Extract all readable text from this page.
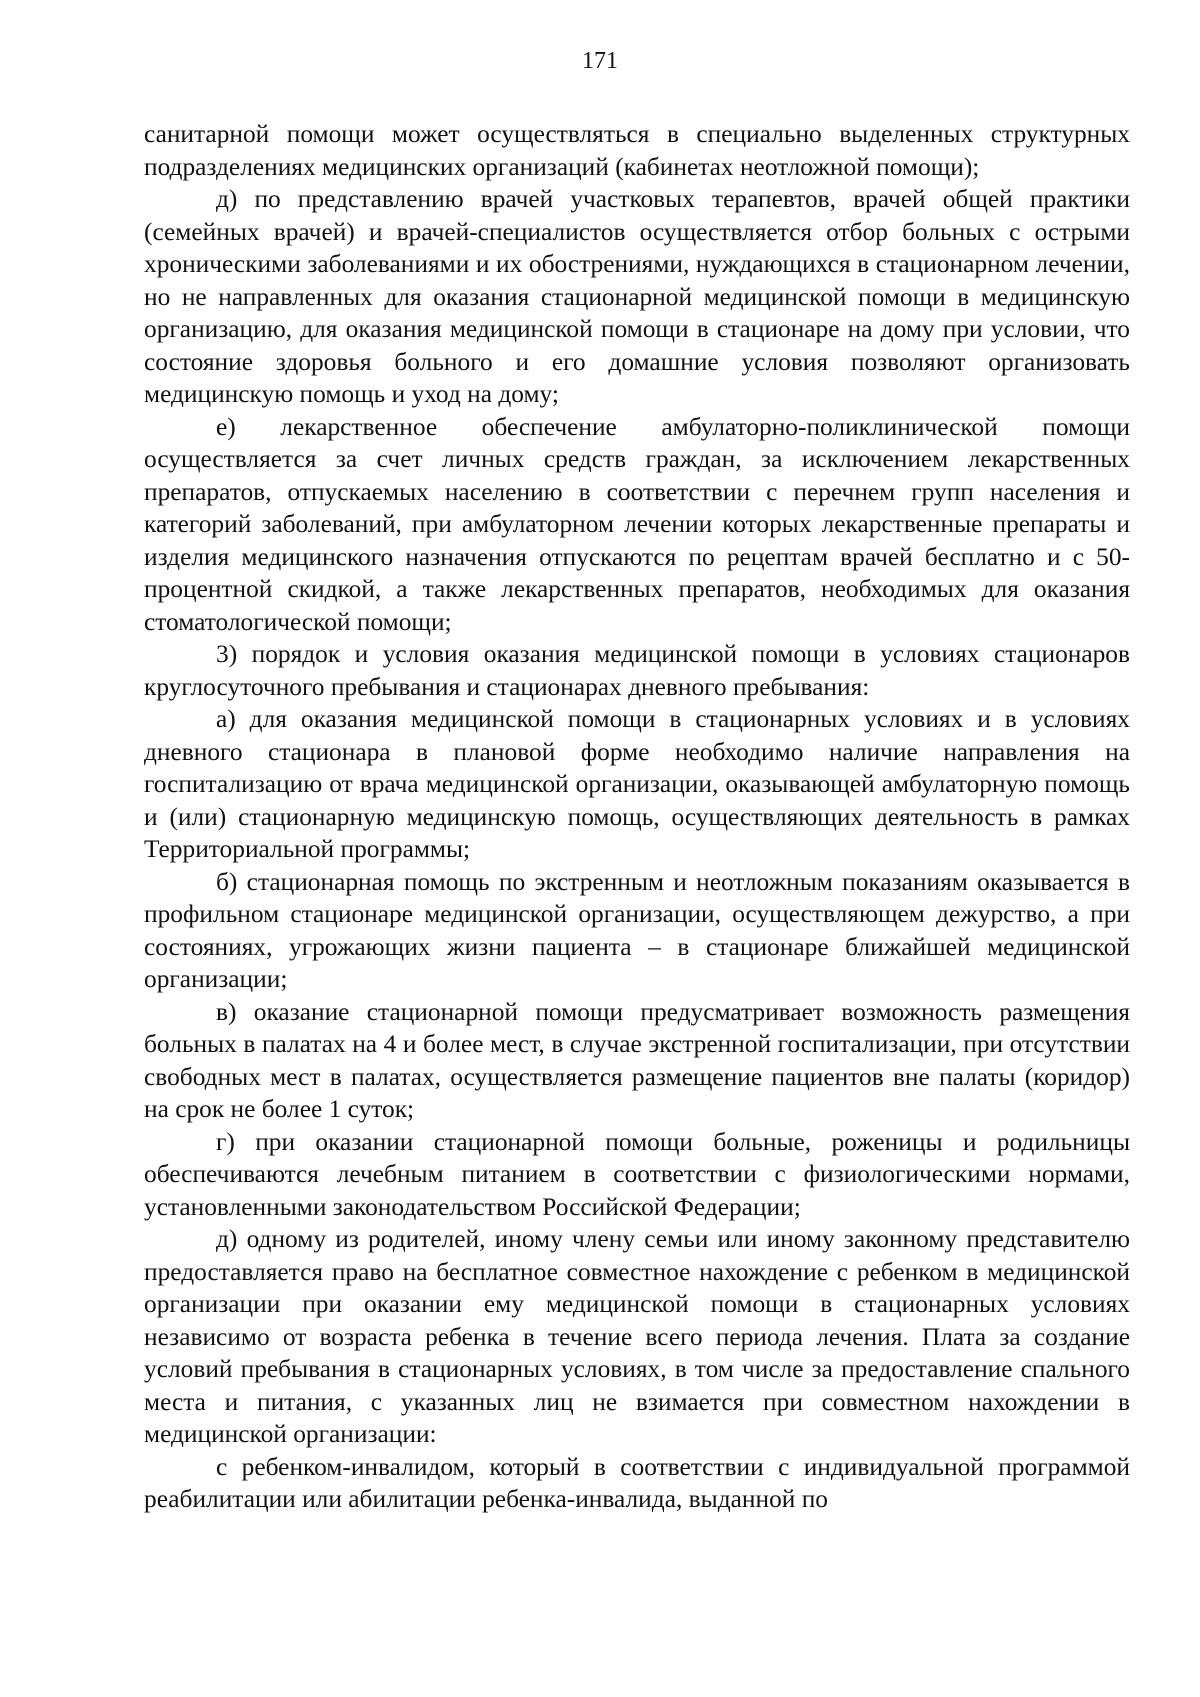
171

санитарной помощи может осуществляться в специально выделенных структурных подразделениях медицинских организаций (кабинетах неотложной помощи);

д) по представлению врачей участковых терапевтов, врачей общей практики (семейных врачей) и врачей-специалистов осуществляется отбор больных с острыми хроническими заболеваниями и их обострениями, нуждающихся в стационарном лечении, но не направленных для оказания стационарной медицинской помощи в медицинскую организацию, для оказания медицинской помощи в стационаре на дому при условии, что состояние здоровья больного и его домашние условия позволяют организовать медицинскую помощь и уход на дому;

е) лекарственное обеспечение амбулаторно-поликлинической помощи осуществляется за счет личных средств граждан, за исключением лекарственных препаратов, отпускаемых населению в соответствии с перечнем групп населения и категорий заболеваний, при амбулаторном лечении которых лекарственные препараты и изделия медицинского назначения отпускаются по рецептам врачей бесплатно и с 50-процентной скидкой, а также лекарственных препаратов, необходимых для оказания стоматологической помощи;

3) порядок и условия оказания медицинской помощи в условиях стационаров круглосуточного пребывания и стационарах дневного пребывания:

а) для оказания медицинской помощи в стационарных условиях и в условиях дневного стационара в плановой форме необходимо наличие направления на госпитализацию от врача медицинской организации, оказывающей амбулаторную помощь и (или) стационарную медицинскую помощь, осуществляющих деятельность в рамках Территориальной программы;

б) стационарная помощь по экстренным и неотложным показаниям оказывается в профильном стационаре медицинской организации, осуществляющем дежурство, а при состояниях, угрожающих жизни пациента – в стационаре ближайшей медицинской организации;

в) оказание стационарной помощи предусматривает возможность размещения больных в палатах на 4 и более мест, в случае экстренной госпитализации, при отсутствии свободных мест в палатах, осуществляется размещение пациентов вне палаты (коридор) на срок не более 1 суток;

г) при оказании стационарной помощи больные, роженицы и родильницы обеспечиваются лечебным питанием в соответствии с физиологическими нормами, установленными законодательством Российской Федерации;

д) одному из родителей, иному члену семьи или иному законному представителю предоставляется право на бесплатное совместное нахождение с ребенком в медицинской организации при оказании ему медицинской помощи в стационарных условиях независимо от возраста ребенка в течение всего периода лечения. Плата за создание условий пребывания в стационарных условиях, в том числе за предоставление спального места и питания, с указанных лиц не взимается при совместном нахождении в медицинской организации:

с ребенком-инвалидом, который в соответствии с индивидуальной программой реабилитации или абилитации ребенка-инвалида, выданной по
